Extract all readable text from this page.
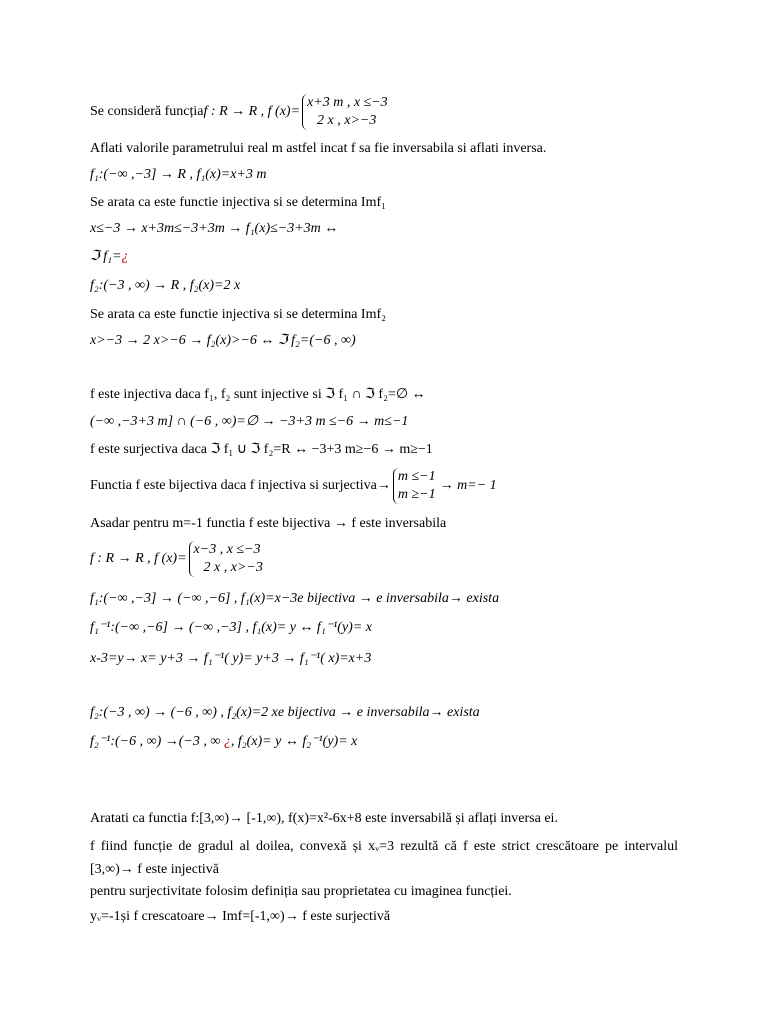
Se consideră funcțiaf : R → R , f (x)=
x+3 m , x ≤−3
2 x , x>−3
Aflati valorile parametrului real m astfel incat f sa fie inversabila si aflati inversa.
f₁:(−∞ ,−3] → R , f₁(x)=x+3 m
Se arata ca este functie injectiva si se determina Imf₁
x≤−3 → x+3m≤−3+3m → f₁(x)≤−3+3m ↔
ℑ f₁=¿
f₂:(−3 , ∞) → R , f₂(x)=2 x
Se arata ca este functie injectiva si se determina Imf₂
x>−3 → 2 x>−6 → f₂(x)>−6 ↔ ℑ f₂=(−6 , ∞)
f este injectiva daca f₁, f₂ sunt injective si ℑ f₁ ∩ ℑ f₂=∅ ↔
(−∞ ,−3+3 m] ∩ (−6 , ∞)=∅ → −3+3 m ≤−6 → m≤−1
f este surjectiva daca ℑ f₁ ∪ ℑ f₂=R ↔ −3+3 m≥−6 → m≥−1
Functia f este bijectiva daca f injectiva si surjectiva→
m ≤−1
m ≥−1
→ m=− 1
Asadar pentru m=-1 functia f este bijectiva → f este inversabila
f : R → R , f (x)=
x−3 , x ≤−3
2 x , x>−3
f₁:(−∞ ,−3] → (−∞ ,−6] , f₁(x)=x−3e bijectiva → e inversabila→ exista
f₁⁻¹:(−∞ ,−6] → (−∞ ,−3] , f₁(x)= y ↔ f₁⁻¹(y)= x
x-3=y→ x= y+3 → f₁⁻¹( y)= y+3 → f₁⁻¹( x)=x+3
f₂:(−3 , ∞) → (−6 , ∞) , f₂(x)=2 xe bijectiva → e inversabila→ exista
f₂⁻¹:(−6 , ∞) →(−3 , ∞ ¿, f₂(x)= y ↔ f₂⁻¹(y)= x
Aratati ca functia f:[3,∞)→ [-1,∞), f(x)=x²-6x+8 este inversabilă și aflați inversa ei.
f fiind funcție de gradul al doilea, convexă și xᵥ=3 rezultă că f este strict crescătoare pe intervalul [3,∞)→ f este injectivă
pentru surjectivitate folosim definiția sau proprietatea cu imaginea funcției.
yᵥ=-1și f crescatoare→ Imf=[-1,∞)→ f este surjectivă
